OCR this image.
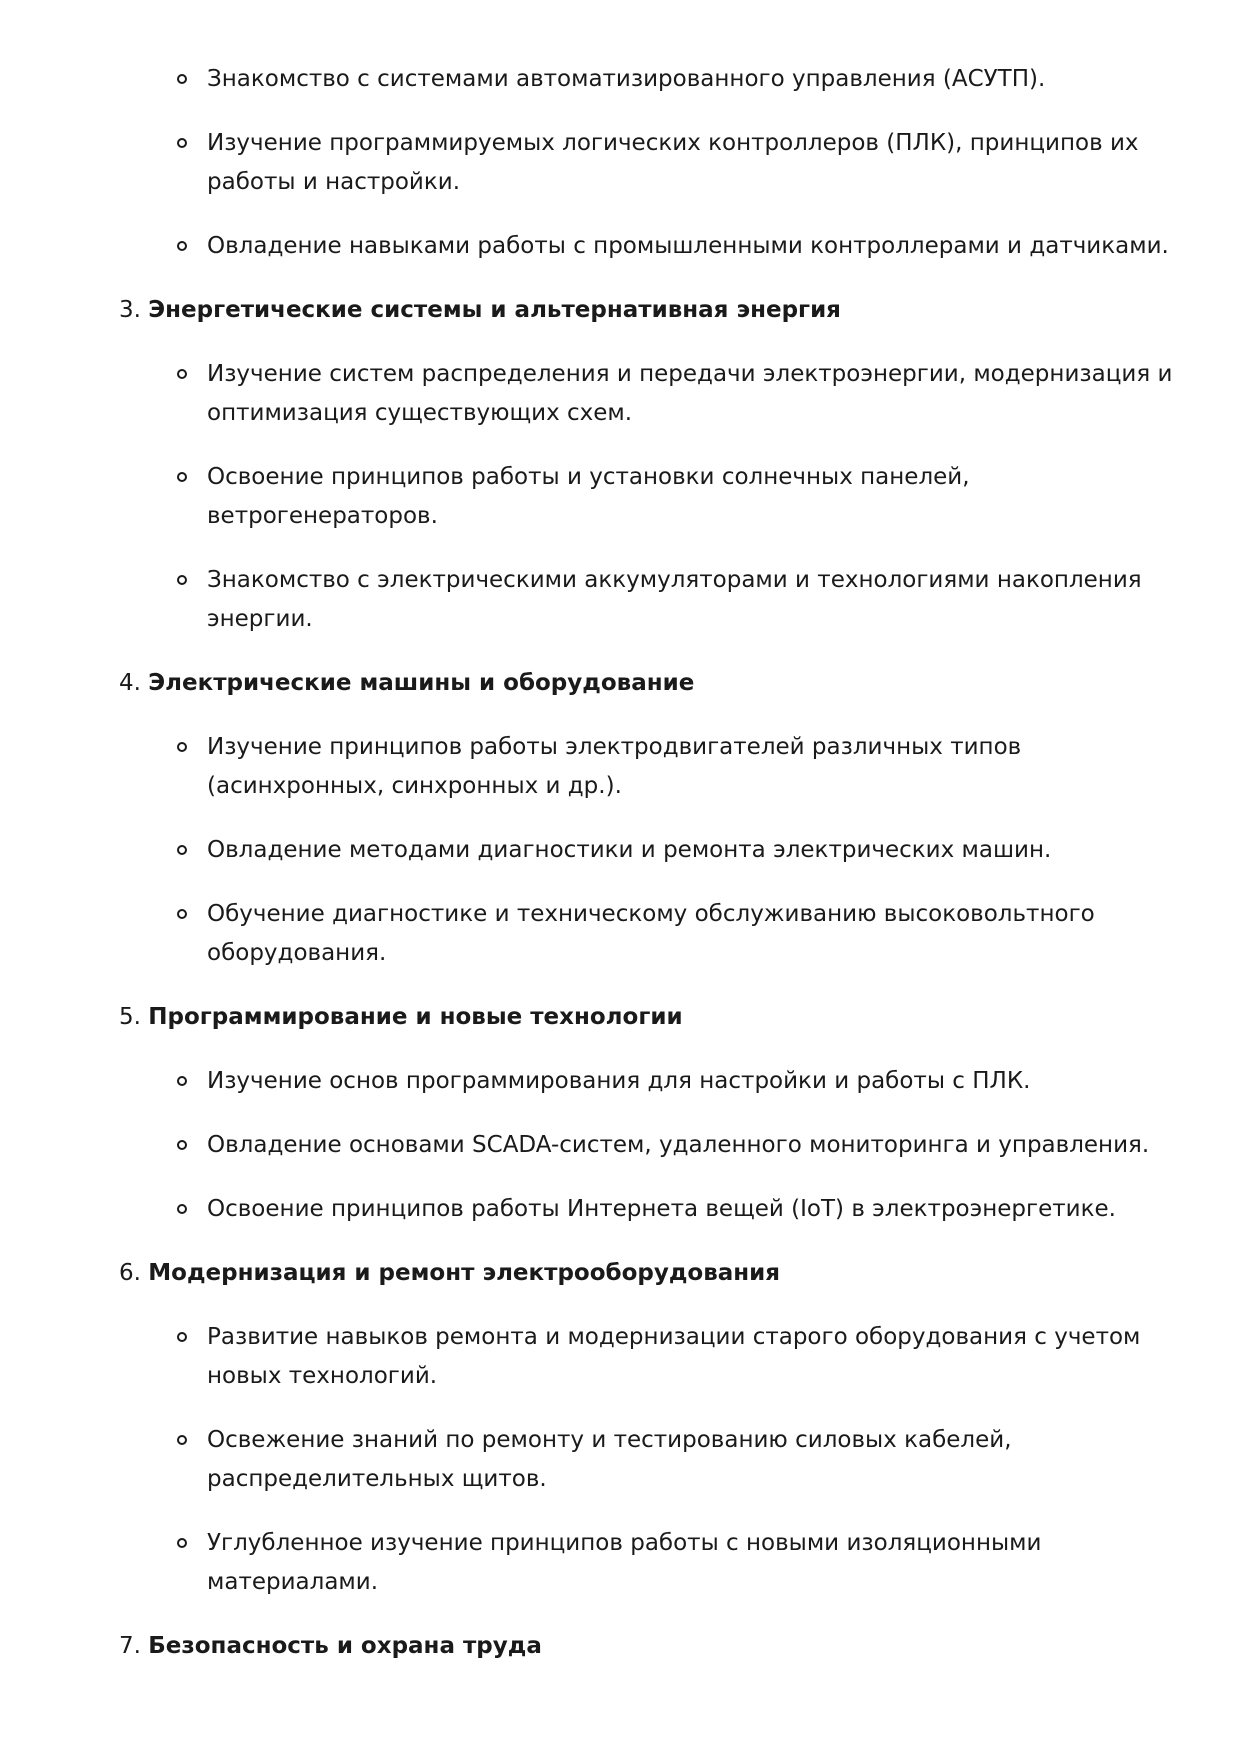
Знакомство с системами автоматизированного управления (АСУТП).
Изучение программируемых логических контроллеров (ПЛК), принципов их работы и настройки.
Овладение навыками работы с промышленными контроллерами и датчиками.
3. Энергетические системы и альтернативная энергия
Изучение систем распределения и передачи электроэнергии, модернизация и оптимизация существующих схем.
Освоение принципов работы и установки солнечных панелей, ветрогенераторов.
Знакомство с электрическими аккумуляторами и технологиями накопления энергии.
4. Электрические машины и оборудование
Изучение принципов работы электродвигателей различных типов (асинхронных, синхронных и др.).
Овладение методами диагностики и ремонта электрических машин.
Обучение диагностике и техническому обслуживанию высоковольтного оборудования.
5. Программирование и новые технологии
Изучение основ программирования для настройки и работы с ПЛК.
Овладение основами SCADA-систем, удаленного мониторинга и управления.
Освоение принципов работы Интернета вещей (IoT) в электроэнергетике.
6. Модернизация и ремонт электрооборудования
Развитие навыков ремонта и модернизации старого оборудования с учетом новых технологий.
Освежение знаний по ремонту и тестированию силовых кабелей, распределительных щитов.
Углубленное изучение принципов работы с новыми изоляционными материалами.
7. Безопасность и охрана труда
